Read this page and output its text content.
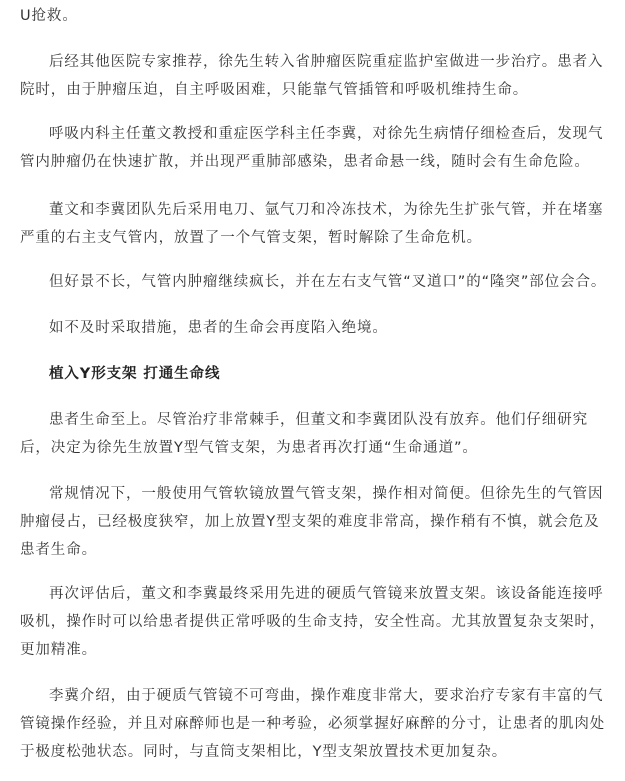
U抢救。

后经其他医院专家推荐，徐先生转入省肿瘤医院重症监护室做进一步治疗。患者入院时，由于肿瘤压迫，自主呼吸困难，只能靠气管插管和呼吸机维持生命。

呼吸内科主任董文教授和重症医学科主任李冀，对徐先生病情仔细检查后，发现气管内肿瘤仍在快速扩散，并出现严重肺部感染，患者命悬一线，随时会有生命危险。

董文和李冀团队先后采用电刀、氩气刀和冷冻技术，为徐先生扩张气管，并在堵塞严重的右主支气管内，放置了一个气管支架，暂时解除了生命危机。

但好景不长，气管内肿瘤继续疯长，并在左右支气管“叉道口”的“隆突”部位会合。

如不及时采取措施，患者的生命会再度陷入绝境。

植入Y形支架 打通生命线

患者生命至上。尽管治疗非常棘手，但董文和李冀团队没有放弃。他们仔细研究后，决定为徐先生放置Y型气管支架，为患者再次打通“生命通道”。

常规情况下，一般使用气管软镜放置气管支架，操作相对简便。但徐先生的气管因肿瘤侵占，已经极度狭窄，加上放置Y型支架的难度非常高，操作稍有不慎，就会危及患者生命。

再次评估后，董文和李冀最终采用先进的硬质气管镜来放置支架。该设备能连接呼吸机，操作时可以给患者提供正常呼吸的生命支持，安全性高。尤其放置复杂支架时，更加精准。

李冀介绍，由于硬质气管镜不可弯曲，操作难度非常大，要求治疗专家有丰富的气管镜操作经验，并且对麻醉师也是一种考验，必须掌握好麻醉的分寸，让患者的肌肉处于极度松弛状态。同时，与直筒支架相比，Y型支架放置技术更加复杂。
